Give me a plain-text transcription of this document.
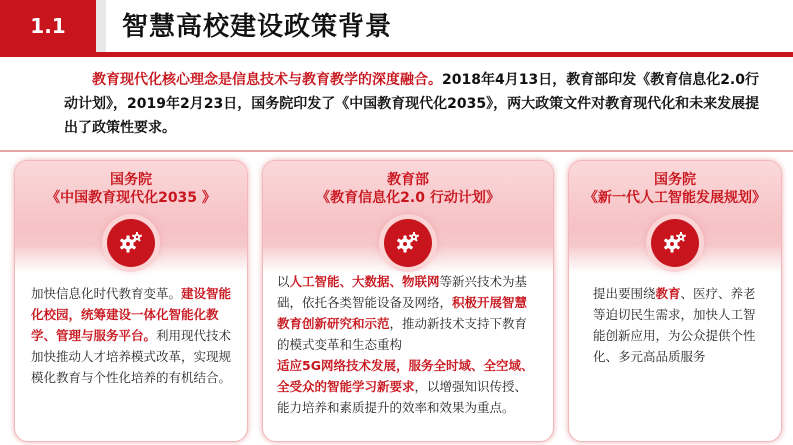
1.1	智慧高校建设政策背景
教育现代化核心理念是信息技术与教育教学的深度融合。2018年4月13日，教育部印发《教育信息化2.0行动计划》，2019年2月23日，国务院印发了《中国教育现代化2035》，两大政策文件对教育现代化和未来发展提出了政策性要求。
国务院
《中国教育现代化2035 》
加快信息化时代教育变革。建设智能化校园，统筹建设一体化智能化教学、管理与服务平台。利用现代技术加快推动人才培养模式改革，实现规模化教育与个性化培养的有机结合。
教育部
《教育信息化2.0 行动计划》
以人工智能、大数据、物联网等新兴技术为基础，依托各类智能设备及网络，积极开展智慧教育创新研究和示范，推动新技术支持下教育的模式变革和生态重构
适应5G网络技术发展，服务全时域、全空域、全受众的智能学习新要求，以增强知识传授、能力培养和素质提升的效率和效果为重点。
国务院
《新一代人工智能发展规划》
提出要围绕教育、医疗、养老等迫切民生需求，加快人工智能创新应用，为公众提供个性化、多元高品质服务
